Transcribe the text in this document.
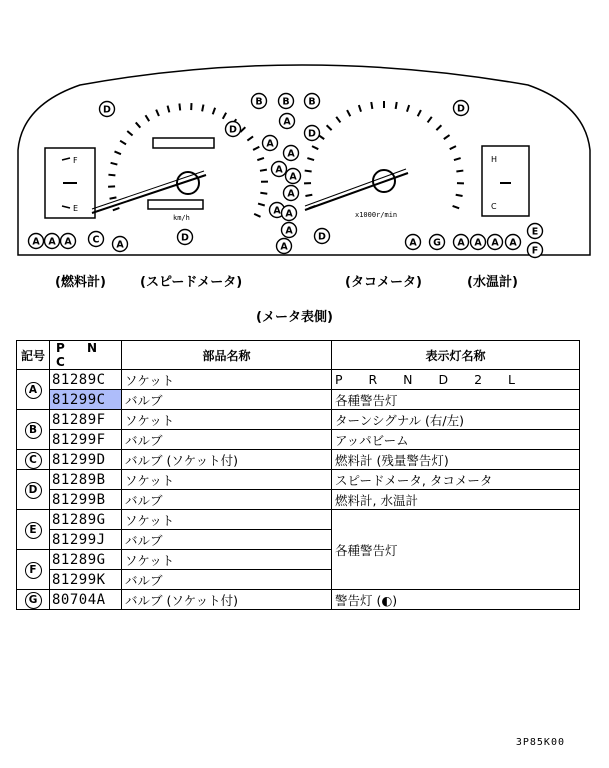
A A A C A
D
D
D
B B B
A
A
A
A
A
A
A A
A
A
D
D
D
A G A A A A
E
F
F
E
H
C
km/h	x1000r/min
(燃料計)	(スピードメータ)	(タコメータ)	(水温計)
(メータ表側)
記号	P N C	部品名称	表示灯名称
A	81289C	ソケット	P R N D 2 L
	81299C	バルブ	各種警告灯
B	81289F	ソケット	ターンシグナル (右/左)
	81299F	バルブ	アッパビーム
C	81299D	バルブ (ソケット付)	燃料計 (残量警告灯)
D	81289B	ソケット	スピードメータ, タコメータ
	81299B	バルブ	燃料計, 水温計
E	81289G	ソケット	各種警告灯
	81299J	バルブ	
F	81289G	ソケット	
	81299K	バルブ	
G	80704A	バルブ (ソケット付)	警告灯 (◐)
3P85K00
